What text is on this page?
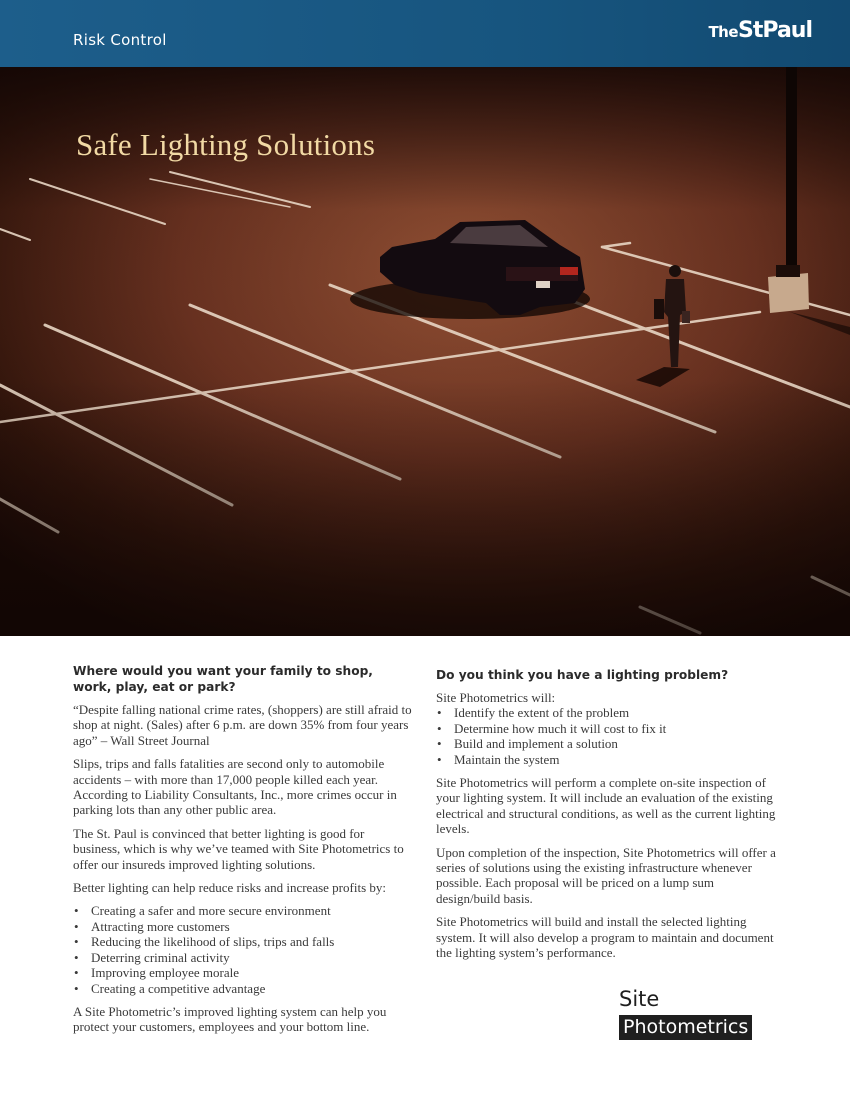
Risk Control	TheStPaul
Safe Lighting Solutions
Where would you want your family to shop, work, play, eat or park?

“Despite falling national crime rates, (shoppers) are still afraid to shop at night. (Sales) after 6 p.m. are down 35% from four years ago” – Wall Street Journal

Slips, trips and falls fatalities are second only to automobile accidents – with more than 17,000 people killed each year. According to Liability Consultants, Inc., more crimes occur in parking lots than any other public area.

The St. Paul is convinced that better lighting is good for business, which is why we’ve teamed with Site Photometrics to offer our insureds improved lighting solutions.

Better lighting can help reduce risks and increase profits by:

• Creating a safer and more secure environment
• Attracting more customers
• Reducing the likelihood of slips, trips and falls
• Deterring criminal activity
• Improving employee morale
• Creating a competitive advantage

A Site Photometric’s improved lighting system can help you protect your customers, employees and your bottom line.

Do you think you have a lighting problem?

Site Photometrics will:

• Identify the extent of the problem
• Determine how much it will cost to fix it
• Build and implement a solution
• Maintain the system

Site Photometrics will perform a complete on-site inspection of your lighting system. It will include an evaluation of the existing electrical and structural conditions, as well as the current lighting levels.

Upon completion of the inspection, Site Photometrics will offer a series of solutions using the existing infrastructure whenever possible. Each proposal will be priced on a lump sum design/build basis.

Site Photometrics will build and install the selected lighting system. It will also develop a program to maintain and document the lighting system’s performance.

Site
Photometrics
